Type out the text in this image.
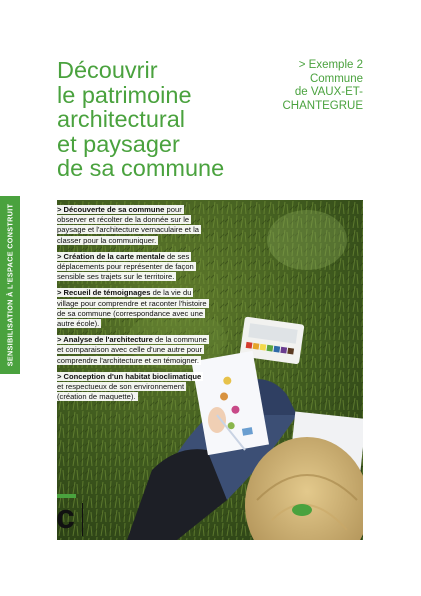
SENSIBILISATION À L'ESPACE CONSTRUIT
Découvrir
le patrimoine
architectural
et paysager
de sa commune
> Exemple 2
Commune
de VAUX-ET-
CHANTEGRUE

> Découverte de sa commune pour observer et récolter de la donnée sur le paysage et l'architecture vernaculaire et la classer pour la communiquer.

> Création de la carte mentale de ses déplacements pour représenter de façon sensible ses trajets sur le territoire.

> Recueil de témoignages de la vie du village pour comprendre et raconter l'histoire de sa commune (correspondance avec une autre école).

> Analyse de l'architecture de la commune et comparaison avec celle d'une autre pour comprendre l'architecture et en témoigner.

> Conception d'un habitat bioclimatique et respectueux de son environnement (création de maquette).

c
